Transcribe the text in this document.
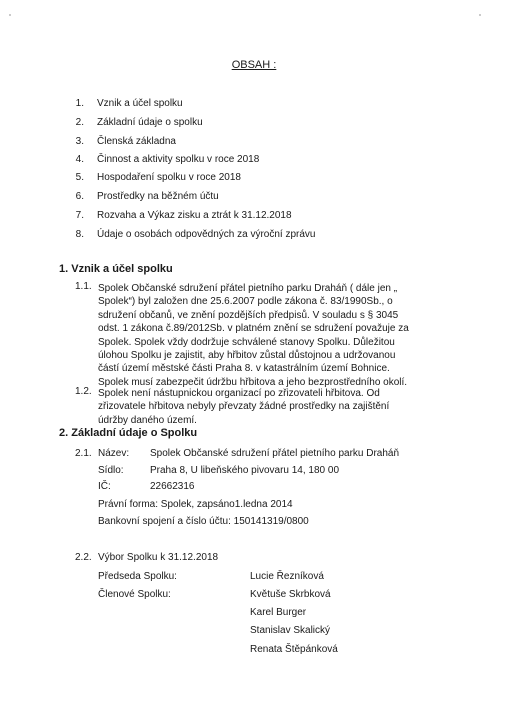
OBSAH :
1. Vznik a účel spolku
2. Základní údaje o spolku
3. Členská základna
4. Činnost a aktivity spolku v roce 2018
5. Hospodaření spolku v roce 2018
6. Prostředky na běžném účtu
7. Rozvaha a Výkaz zisku a ztrát k 31.12.2018
8. Údaje o osobách odpovědných za výroční zprávu
1. Vznik a účel spolku
1.1. Spolek Občanské sdružení přátel pietního parku Draháň ( dále jen „
Spolek“) byl založen dne 25.6.2007 podle zákona č. 83/1990Sb., o
sdružení občanů, ve znění pozdějších předpisů. V souladu s § 3045
odst. 1 zákona č.89/2012Sb. v platném znění se sdružení považuje za
Spolek. Spolek vždy dodržuje schválené stanovy Spolku. Důležitou
úlohou Spolku je zajistit, aby hřbitov zůstal důstojnou a udržovanou
částí území městské části Praha 8. v katastrálním území Bohnice.
Spolek musí zabezpečit údržbu hřbitova a jeho bezprostředního okolí.
1.2. Spolek není nástupnickou organizací po zřizovateli hřbitova. Od
zřizovatele hřbitova nebyly převzaty žádné prostředky na zajištění
údržby daného území.
2. Základní údaje o Spolku
2.1. Název: Spolek Občanské sdružení přátel pietního parku Draháň
Sídlo:	Praha 8, U libeňského pivovaru 14, 180 00
IČ:	22662316
Právní forma: Spolek, zapsáno1.ledna 2014
Bankovní spojení a číslo účtu: 150141319/0800
2.2. Výbor Spolku k 31.12.2018
Předseda Spolku:
Členové Spolku:
Lucie Řezníková
Květuše Skrbková
Karel Burger
Stanislav Skalický
Renata Štěpánková
